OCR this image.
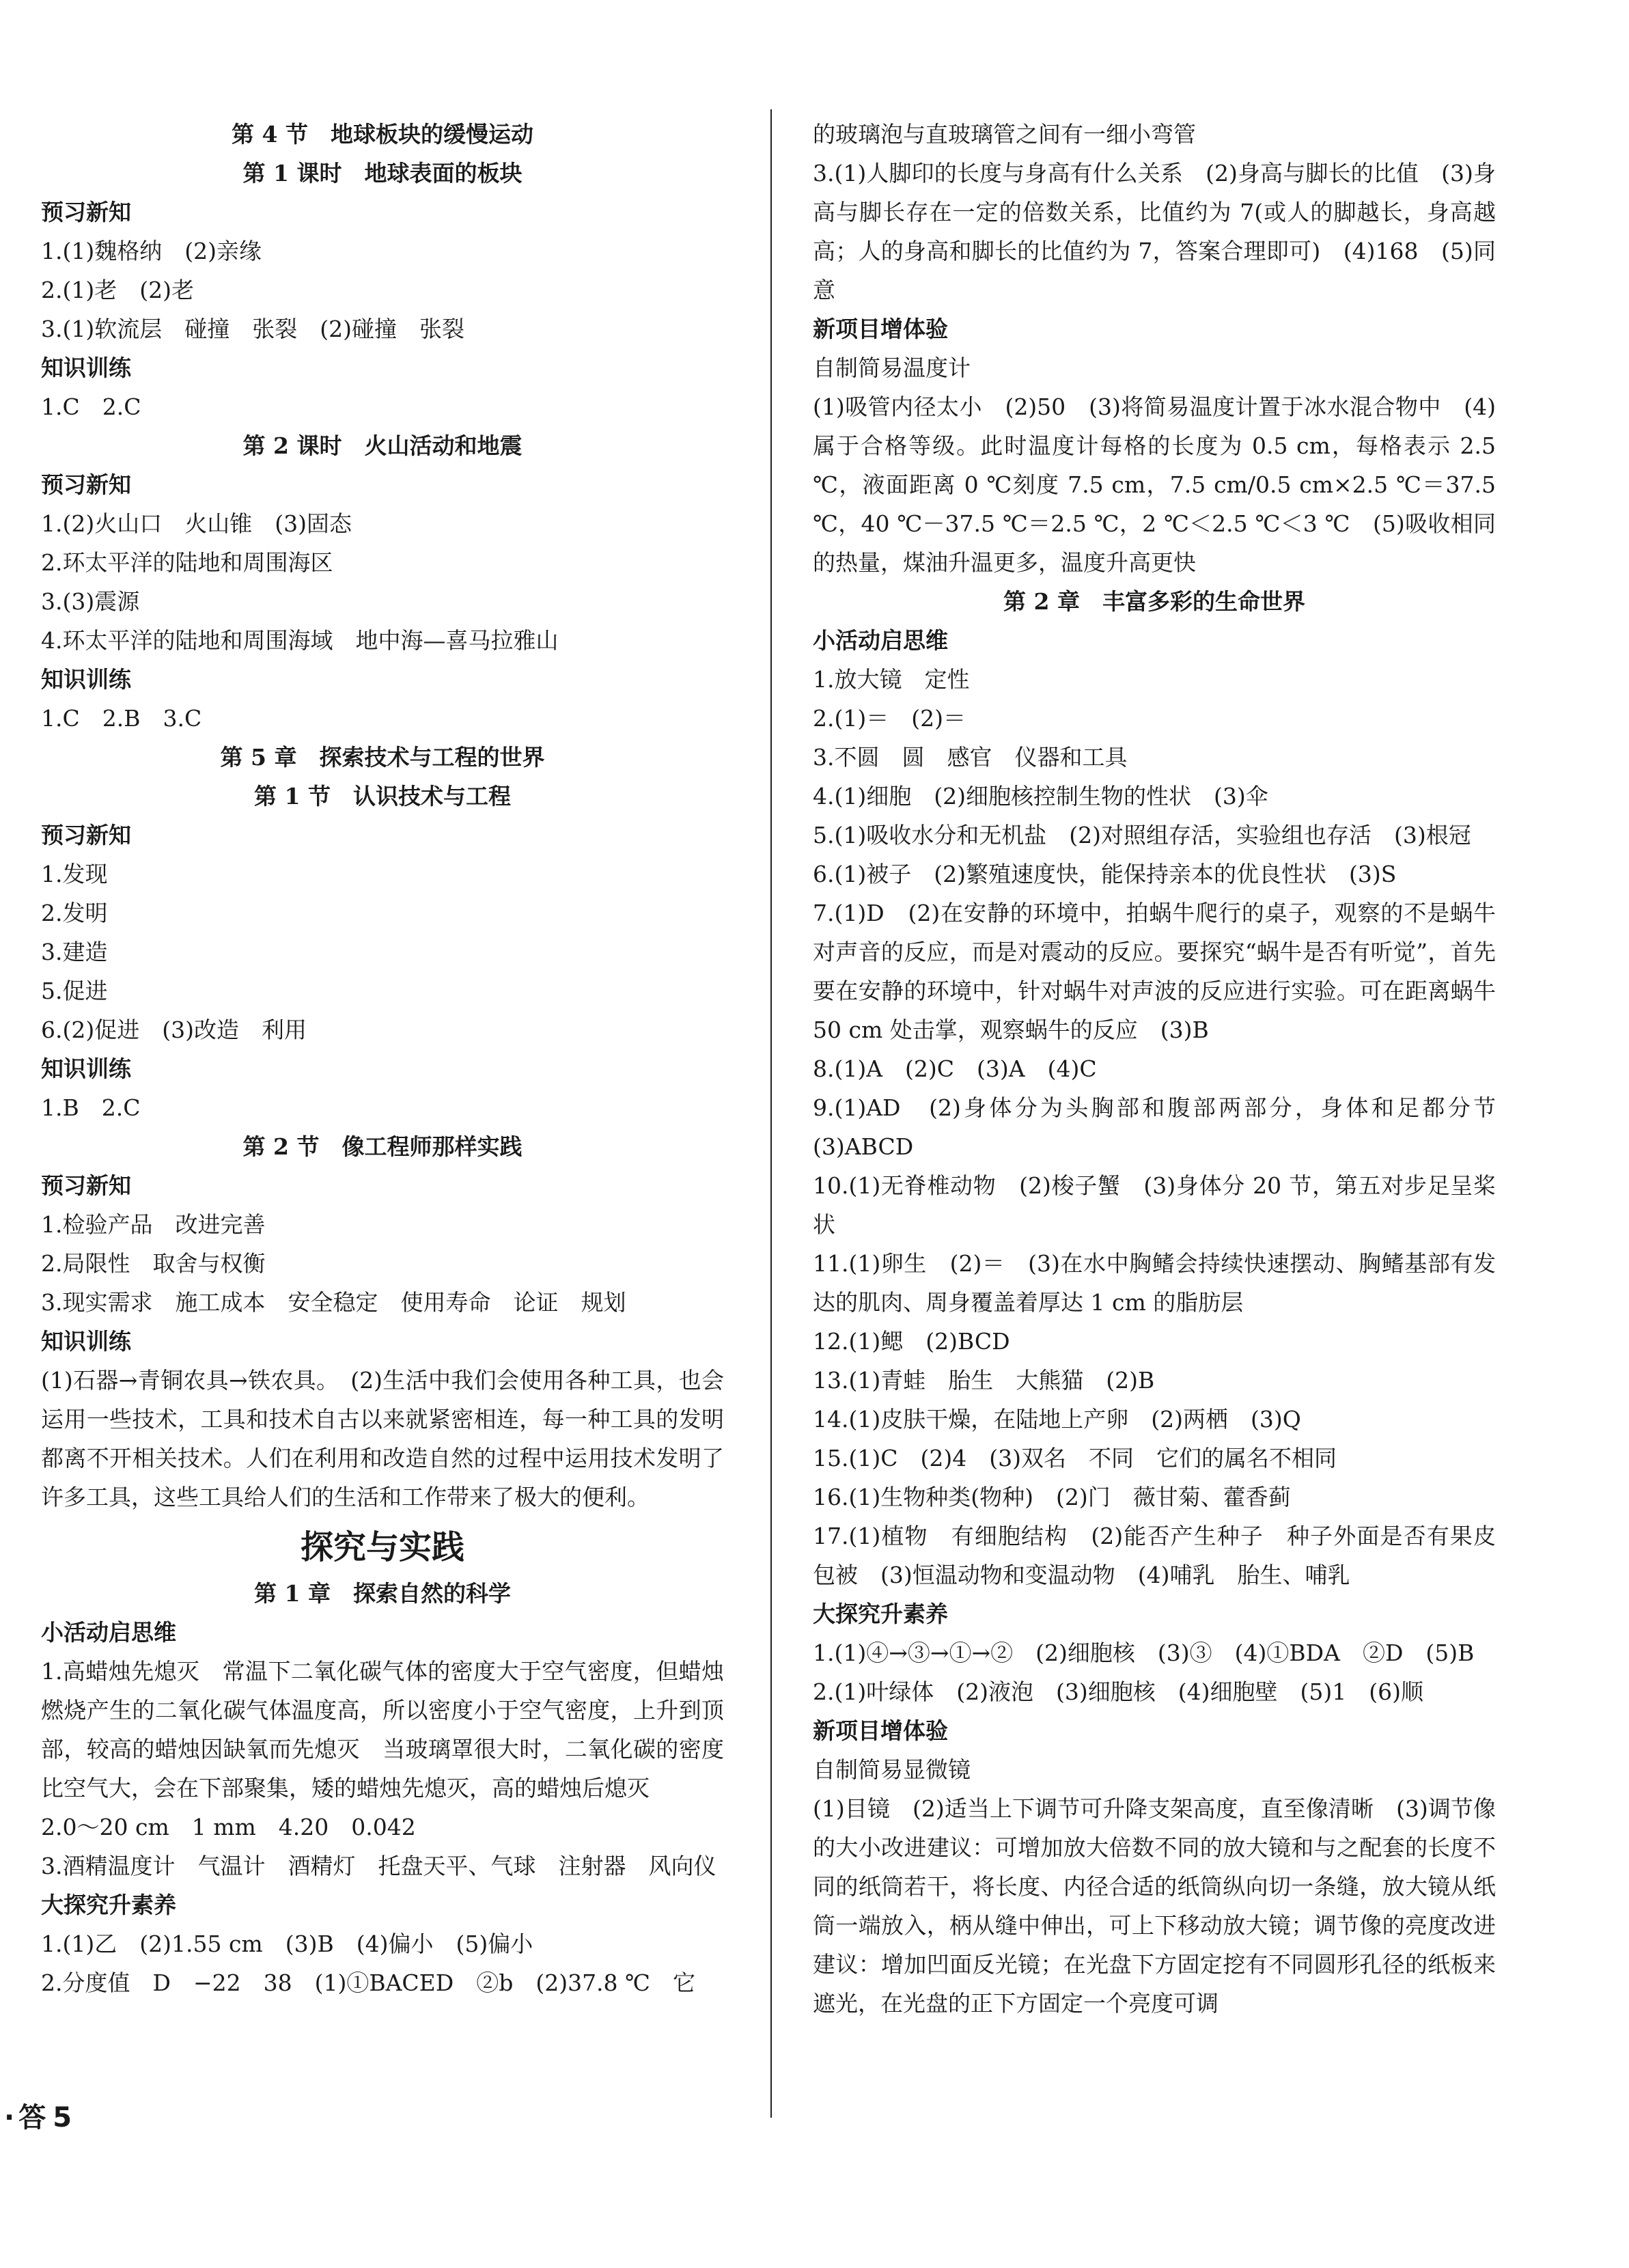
第 4 节　地球板块的缓慢运动
第 1 课时　地球表面的板块
预习新知
1.(1)魏格纳　(2)亲缘
2.(1)老　(2)老
3.(1)软流层　碰撞　张裂　(2)碰撞　张裂
知识训练
1.C　2.C
第 2 课时　火山活动和地震
预习新知
1.(2)火山口　火山锥　(3)固态
2.环太平洋的陆地和周围海区
3.(3)震源
4.环太平洋的陆地和周围海域　地中海—喜马拉雅山
知识训练
1.C　2.B　3.C
第 5 章　探索技术与工程的世界
第 1 节　认识技术与工程
预习新知
1.发现
2.发明
3.建造
5.促进
6.(2)促进　(3)改造　利用
知识训练
1.B　2.C
第 2 节　像工程师那样实践
预习新知
1.检验产品　改进完善
2.局限性　取舍与权衡
3.现实需求　施工成本　安全稳定　使用寿命　论证　规划
知识训练
(1)石器→青铜农具→铁农具。　(2)生活中我们会使用各种工具，也会运用一些技术，工具和技术自古以来就紧密相连，每一种工具的发明都离不开相关技术。人们在利用和改造自然的过程中运用技术发明了许多工具，这些工具给人们的生活和工作带来了极大的便利。
探究与实践
第 1 章　探索自然的科学
小活动启思维
1.高蜡烛先熄灭　常温下二氧化碳气体的密度大于空气密度，但蜡烛燃烧产生的二氧化碳气体温度高，所以密度小于空气密度，上升到顶部，较高的蜡烛因缺氧而先熄灭　当玻璃罩很大时，二氧化碳的密度比空气大，会在下部聚集，矮的蜡烛先熄灭，高的蜡烛后熄灭
2.0～20 cm　1 mm　4.20　0.042
3.酒精温度计　气温计　酒精灯　托盘天平、气球　注射器　风向仪
大探究升素养
1.(1)乙　(2)1.55 cm　(3)B　(4)偏小　(5)偏小
2.分度值　D　−22　38　(1)①BACED　②b　(2)37.8 ℃　它
的玻璃泡与直玻璃管之间有一细小弯管
3.(1)人脚印的长度与身高有什么关系　(2)身高与脚长的比值　(3)身高与脚长存在一定的倍数关系，比值约为 7(或人的脚越长，身高越高；人的身高和脚长的比值约为 7，答案合理即可)　(4)168　(5)同意
新项目增体验
自制简易温度计
(1)吸管内径太小　(2)50　(3)将简易温度计置于冰水混合物中　(4)属于合格等级。此时温度计每格的长度为 0.5 cm，每格表示 2.5 ℃，液面距离 0 ℃刻度 7.5 cm，7.5 cm/0.5 cm×2.5 ℃＝37.5 ℃，40 ℃－37.5 ℃＝2.5 ℃，2 ℃＜2.5 ℃＜3 ℃　(5)吸收相同的热量，煤油升温更多，温度升高更快
第 2 章　丰富多彩的生命世界
小活动启思维
1.放大镜　定性
2.(1)＝　(2)＝
3.不圆　圆　感官　仪器和工具
4.(1)细胞　(2)细胞核控制生物的性状　(3)伞
5.(1)吸收水分和无机盐　(2)对照组存活，实验组也存活　(3)根冠
6.(1)被子　(2)繁殖速度快，能保持亲本的优良性状　(3)S
7.(1)D　(2)在安静的环境中，拍蜗牛爬行的桌子，观察的不是蜗牛对声音的反应，而是对震动的反应。要探究“蜗牛是否有听觉”，首先要在安静的环境中，针对蜗牛对声波的反应进行实验。可在距离蜗牛 50 cm 处击掌，观察蜗牛的反应　(3)B
8.(1)A　(2)C　(3)A　(4)C
9.(1)AD　(2)身体分为头胸部和腹部两部分，身体和足都分节　(3)ABCD
10.(1)无脊椎动物　(2)梭子蟹　(3)身体分 20 节，第五对步足呈桨状
11.(1)卵生　(2)＝　(3)在水中胸鳍会持续快速摆动、胸鳍基部有发达的肌肉、周身覆盖着厚达 1 cm 的脂肪层
12.(1)鳃　(2)BCD
13.(1)青蛙　胎生　大熊猫　(2)B
14.(1)皮肤干燥，在陆地上产卵　(2)两栖　(3)Q
15.(1)C　(2)4　(3)双名　不同　它们的属名不相同
16.(1)生物种类(物种)　(2)门　薇甘菊、藿香蓟
17.(1)植物　有细胞结构　(2)能否产生种子　种子外面是否有果皮包被　(3)恒温动物和变温动物　(4)哺乳　胎生、哺乳
大探究升素养
1.(1)④→③→①→②　(2)细胞核　(3)③　(4)①BDA　②D　(5)B
2.(1)叶绿体　(2)液泡　(3)细胞核　(4)细胞壁　(5)1　(6)顺
新项目增体验
自制简易显微镜
(1)目镜　(2)适当上下调节可升降支架高度，直至像清晰　(3)调节像的大小改进建议：可增加放大倍数不同的放大镜和与之配套的长度不同的纸筒若干，将长度、内径合适的纸筒纵向切一条缝，放大镜从纸筒一端放入，柄从缝中伸出，可上下移动放大镜；调节像的亮度改进建议：增加凹面反光镜；在光盘下方固定挖有不同圆形孔径的纸板来遮光，在光盘的正下方固定一个亮度可调
· 答 5
